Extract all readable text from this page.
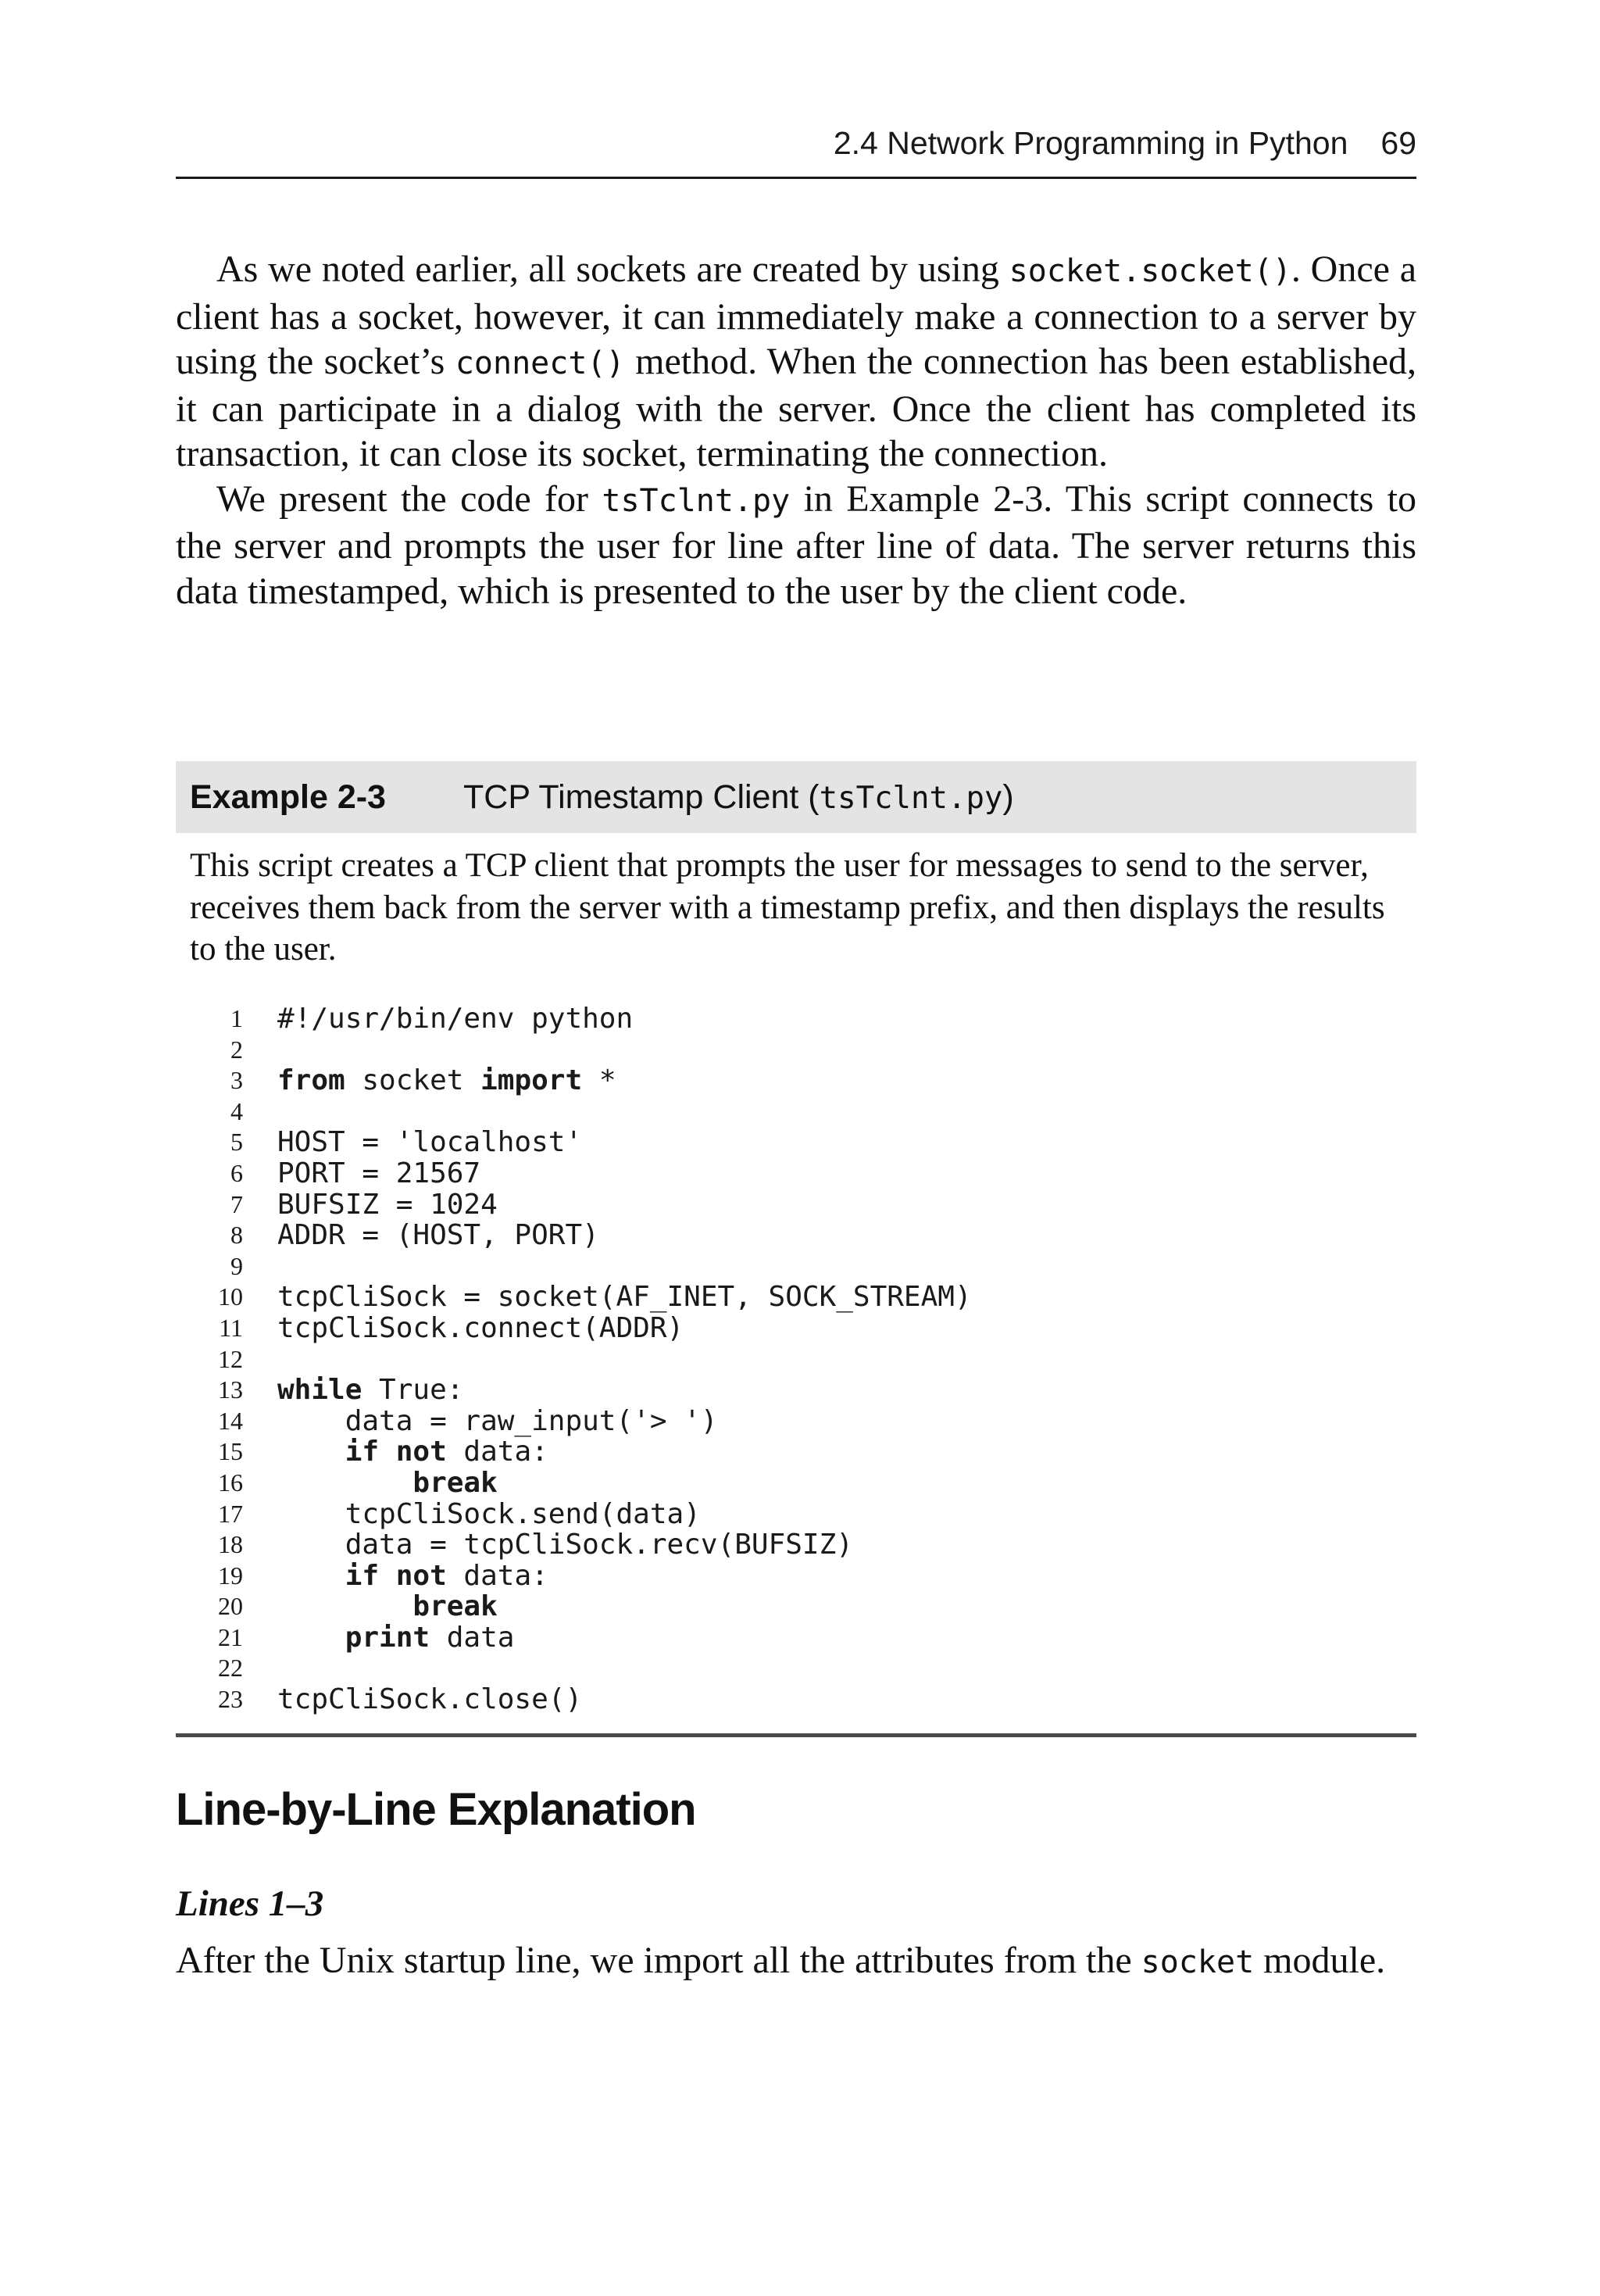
2.4 Network Programming in Python 69

As we noted earlier, all sockets are created by using socket.socket(). Once a client has a socket, however, it can immediately make a connection to a server by using the socket’s connect() method. When the connection has been established, it can participate in a dialog with the server. Once the client has completed its transaction, it can close its socket, terminating the connection.

We present the code for tsTclnt.py in Example 2-3. This script connects to the server and prompts the user for line after line of data. The server returns this data timestamped, which is presented to the user by the client code.

Example 2-3	TCP Timestamp Client (tsTclnt.py)

This script creates a TCP client that prompts the user for messages to send to the server, receives them back from the server with a timestamp prefix, and then displays the results to the user.

1 #!/usr/bin/env python
2
3 from socket import *
4
5 HOST = 'localhost'
6 PORT = 21567
7 BUFSIZ = 1024
8 ADDR = (HOST, PORT)
9
10 tcpCliSock = socket(AF_INET, SOCK_STREAM)
11 tcpCliSock.connect(ADDR)
12
13 while True:
14 data = raw_input('> ')
15	if not data:
16	break
17 tcpCliSock.send(data)
18 data = tcpCliSock.recv(BUFSIZ)
19	if not data:
20	break
21	print data
22
23 tcpCliSock.close()
Line-by-Line Explanation
Lines 1–3

After the Unix startup line, we import all the attributes from the socket module.
